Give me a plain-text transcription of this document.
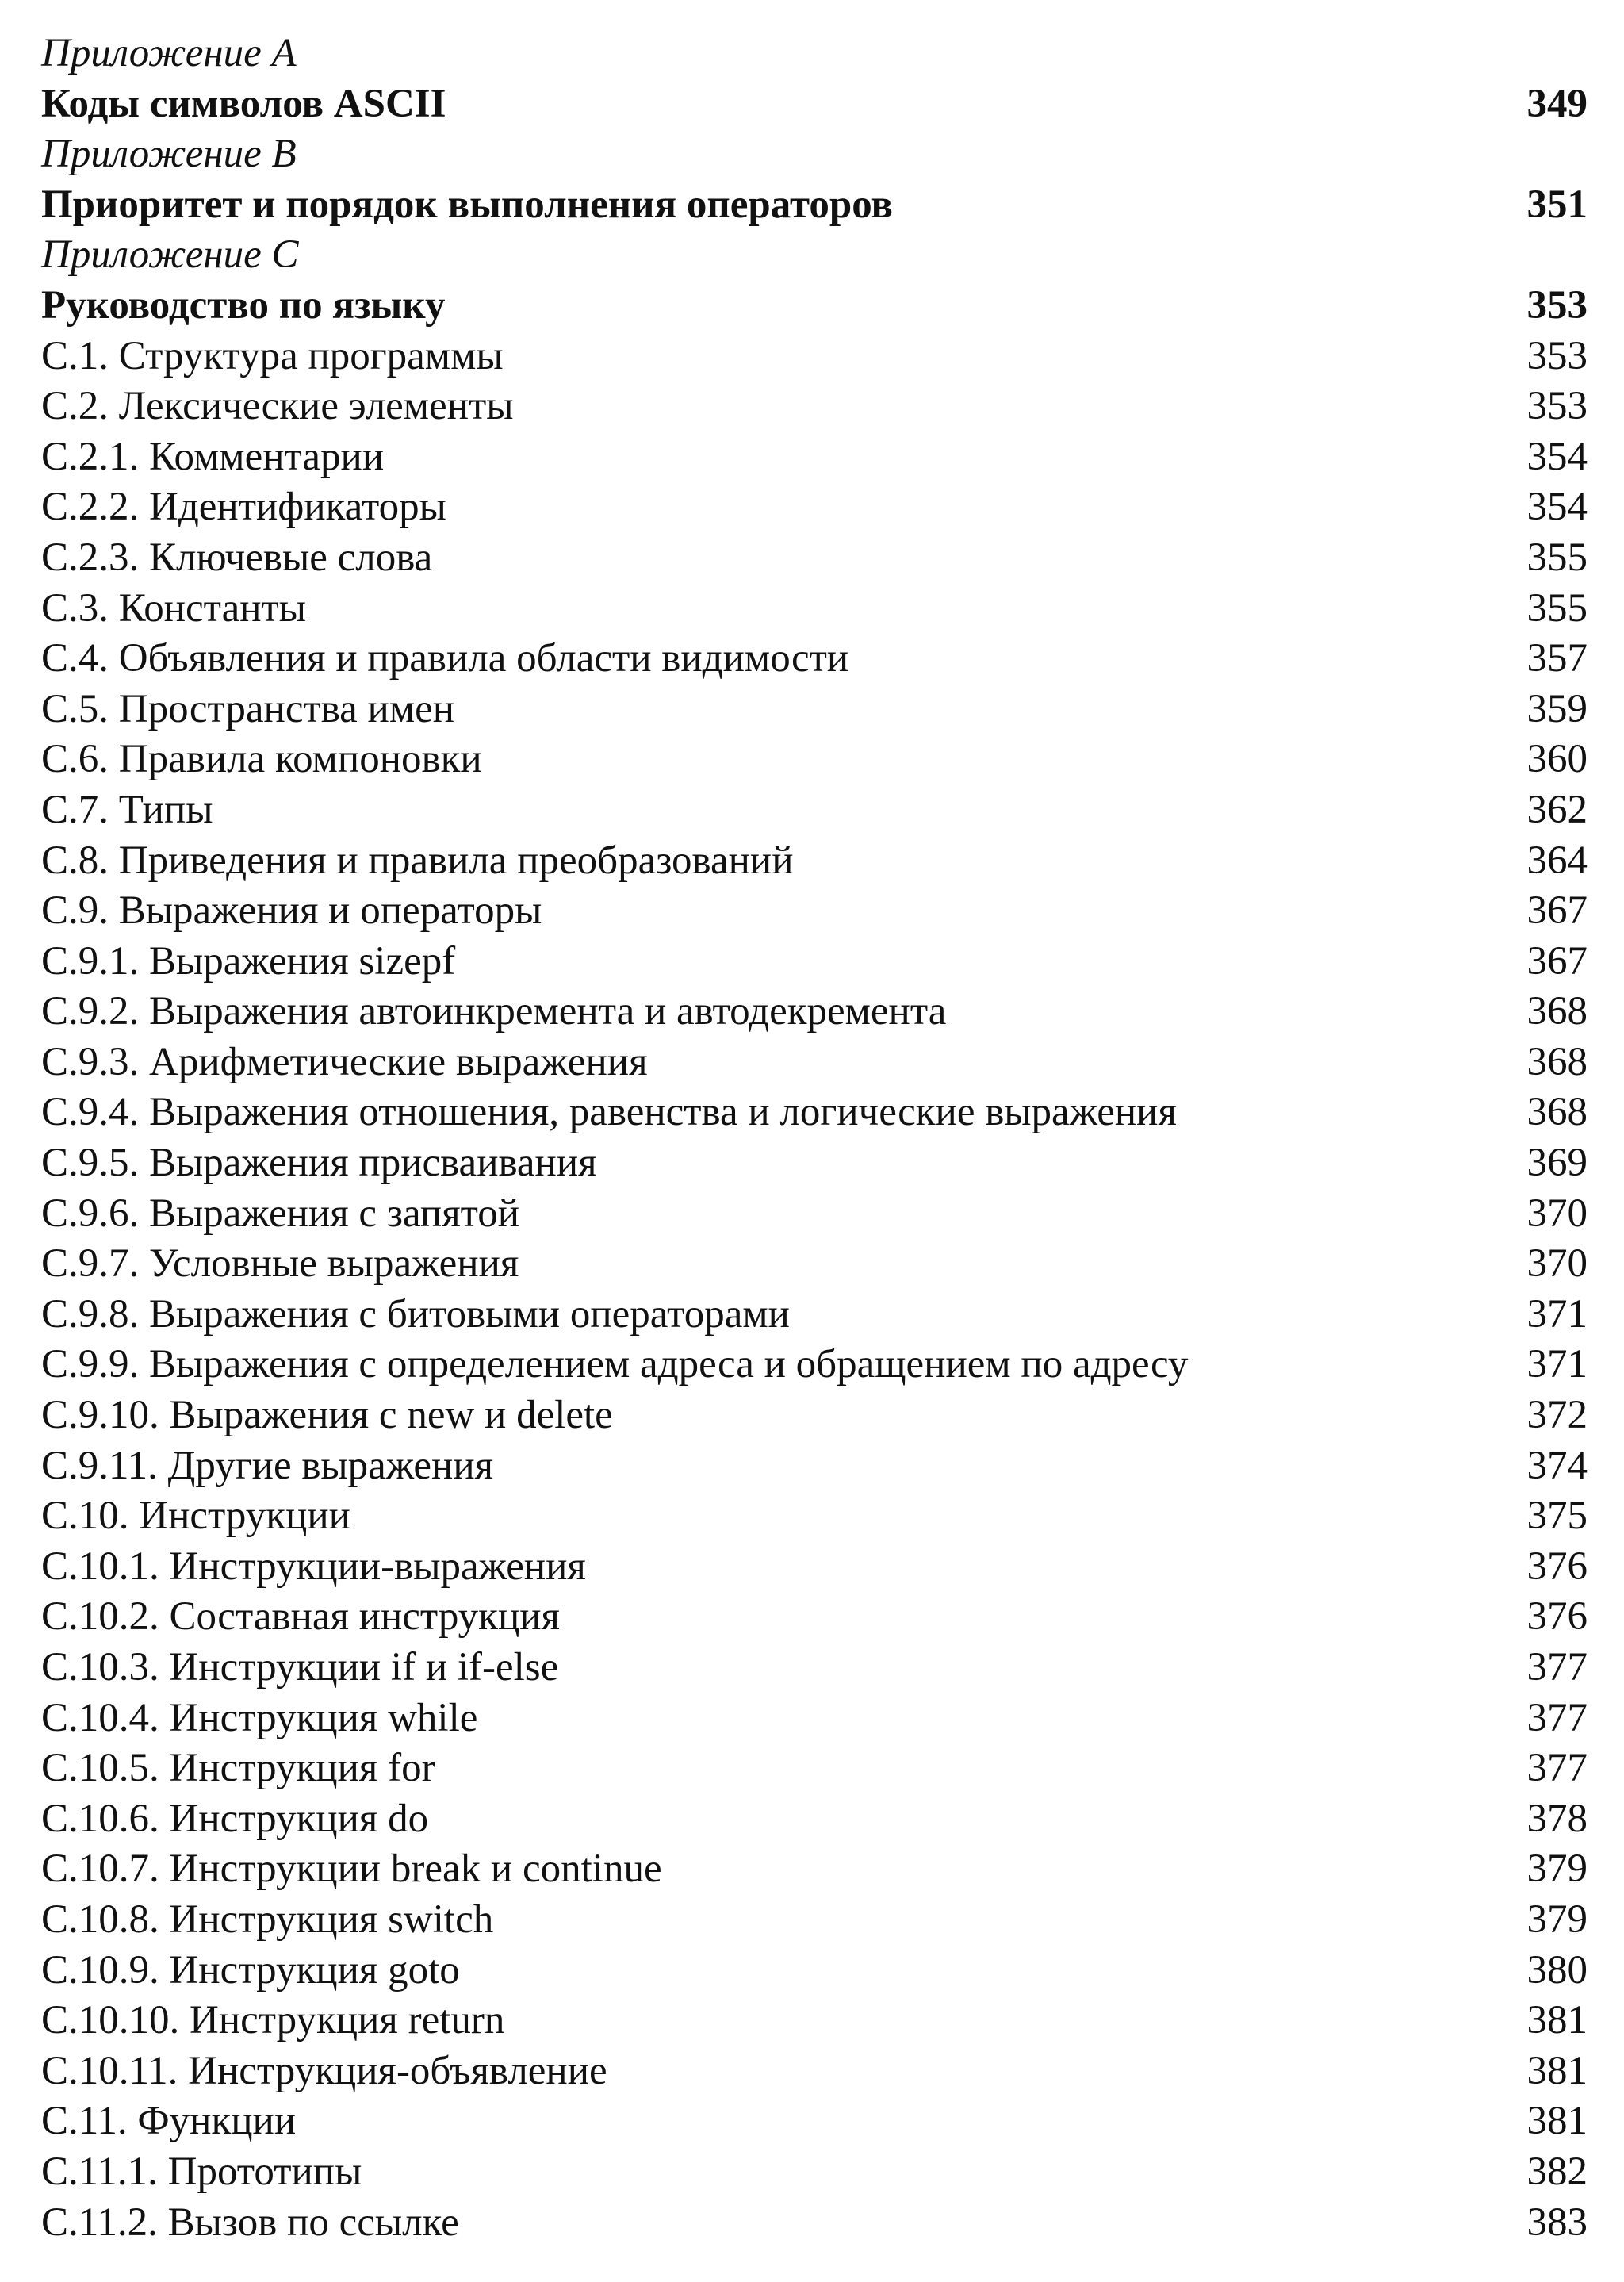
Приложение A
Коды символов ASCII	349
Приложение B
Приоритет и порядок выполнения операторов	351
Приложение C
Руководство по языку	353
С.1. Структура программы	353
С.2. Лексические элементы	353
С.2.1. Комментарии	354
С.2.2. Идентификаторы	354
С.2.3. Ключевые слова	355
С.3. Константы	355
С.4. Объявления и правила области видимости	357
С.5. Пространства имен	359
С.6. Правила компоновки	360
С.7. Типы	362
С.8. Приведения и правила преобразований	364
С.9. Выражения и операторы	367
С.9.1. Выражения sizepf	367
С.9.2. Выражения автоинкремента и автодекремента	368
С.9.3. Арифметические выражения	368
С.9.4. Выражения отношения, равенства и логические выражения	368
С.9.5. Выражения присваивания	369
С.9.6. Выражения с запятой	370
С.9.7. Условные выражения	370
С.9.8. Выражения с битовыми операторами	371
С.9.9. Выражения с определением адреса и обращением по адресу	371
С.9.10. Выражения с new и delete	372
С.9.11. Другие выражения	374
С.10. Инструкции	375
С.10.1. Инструкции-выражения	376
С.10.2. Составная инструкция	376
С.10.3. Инструкции if и if-else	377
С.10.4. Инструкция while	377
С.10.5. Инструкция for	377
С.10.6. Инструкция do	378
С.10.7. Инструкции break и continue	379
С.10.8. Инструкция switch	379
С.10.9. Инструкция goto	380
С.10.10. Инструкция return	381
С.10.11. Инструкция-объявление	381
С.11. Функции	381
С.11.1. Прототипы	382
С.11.2. Вызов по ссылке	383
